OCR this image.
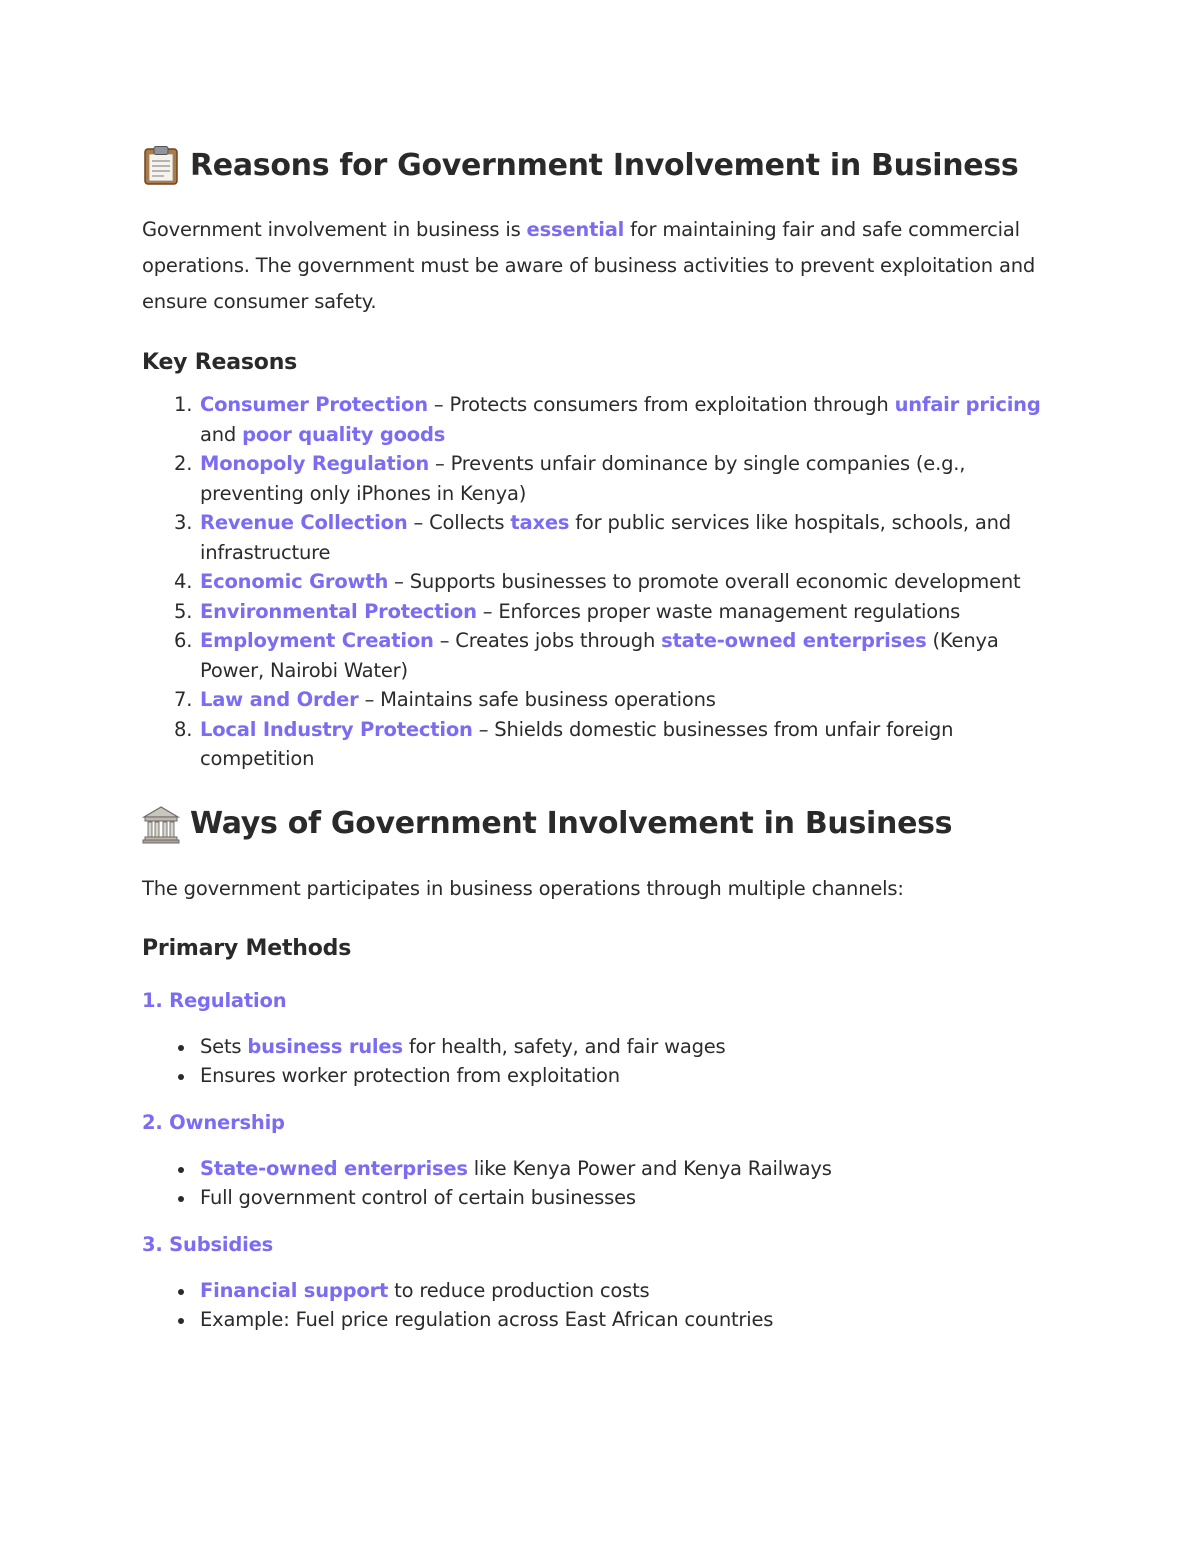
Reasons for Government Involvement in Business

Government involvement in business is essential for maintaining fair and safe commercial operations. The government must be aware of business activities to prevent exploitation and ensure consumer safety.

Key Reasons
1. Consumer Protection – Protects consumers from exploitation through unfair pricing and poor quality goods
2. Monopoly Regulation – Prevents unfair dominance by single companies (e.g., preventing only iPhones in Kenya)
3. Revenue Collection – Collects taxes for public services like hospitals, schools, and infrastructure
4. Economic Growth – Supports businesses to promote overall economic development
5. Environmental Protection – Enforces proper waste management regulations
6. Employment Creation – Creates jobs through state-owned enterprises (Kenya Power, Nairobi Water)
7. Law and Order – Maintains safe business operations
8. Local Industry Protection – Shields domestic businesses from unfair foreign competition
Ways of Government Involvement in Business

The government participates in business operations through multiple channels:

Primary Methods
1. Regulation
Sets business rules for health, safety, and fair wages
Ensures worker protection from exploitation
2. Ownership
State-owned enterprises like Kenya Power and Kenya Railways
Full government control of certain businesses
3. Subsidies
Financial support to reduce production costs
Example: Fuel price regulation across East African countries
